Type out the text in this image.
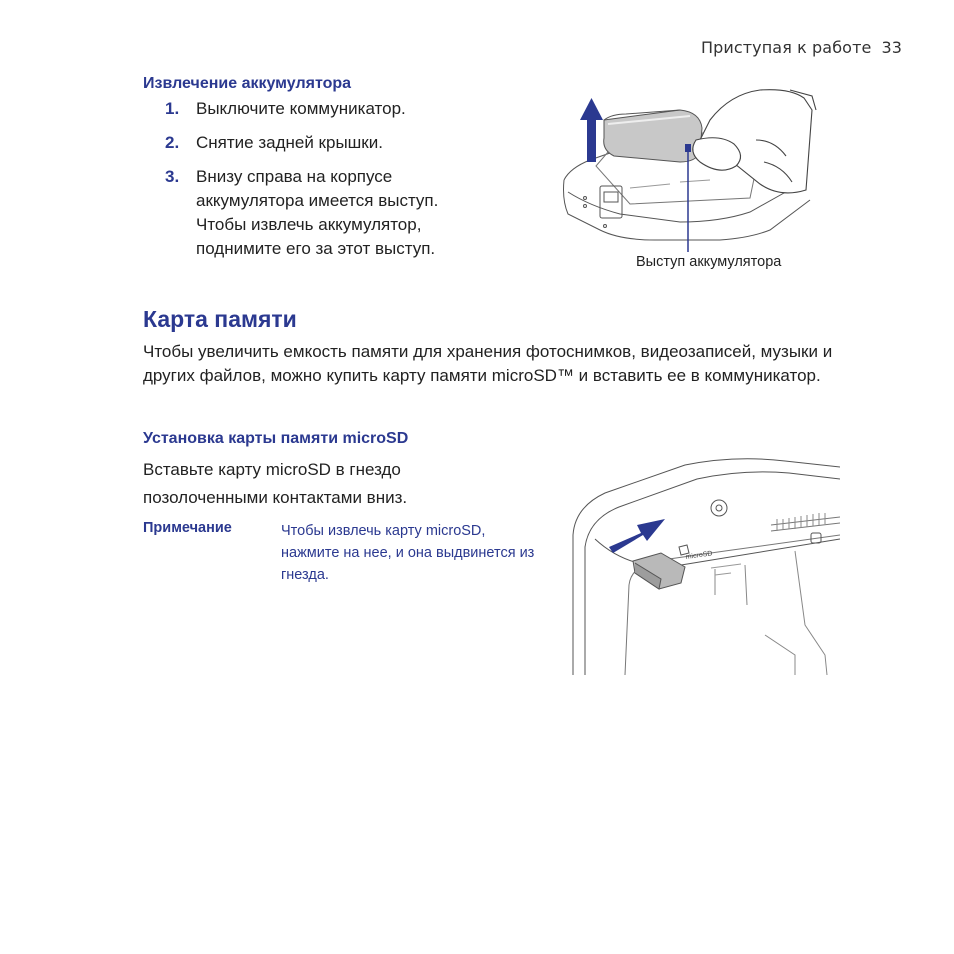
Приступая к работе 33
Извлечение аккумулятора
1. Выключите коммуникатор.
2. Снятие задней крышки.
3. Внизу справа на корпусе аккумулятора имеется выступ. Чтобы извлечь аккумулятор, поднимите его за этот выступ.
Выступ аккумулятора
Карта памяти
Чтобы увеличить емкость памяти для хранения фотоснимков, видеозаписей, музыки и других файлов, можно купить карту памяти microSD™ и вставить ее в коммуникатор.
Установка карты памяти microSD
Вставьте карту microSD в гнездо позолоченными контактами вниз.
Примечание	Чтобы извлечь карту microSD, нажмите на нее, и она выдвинется из гнезда.
microSD
